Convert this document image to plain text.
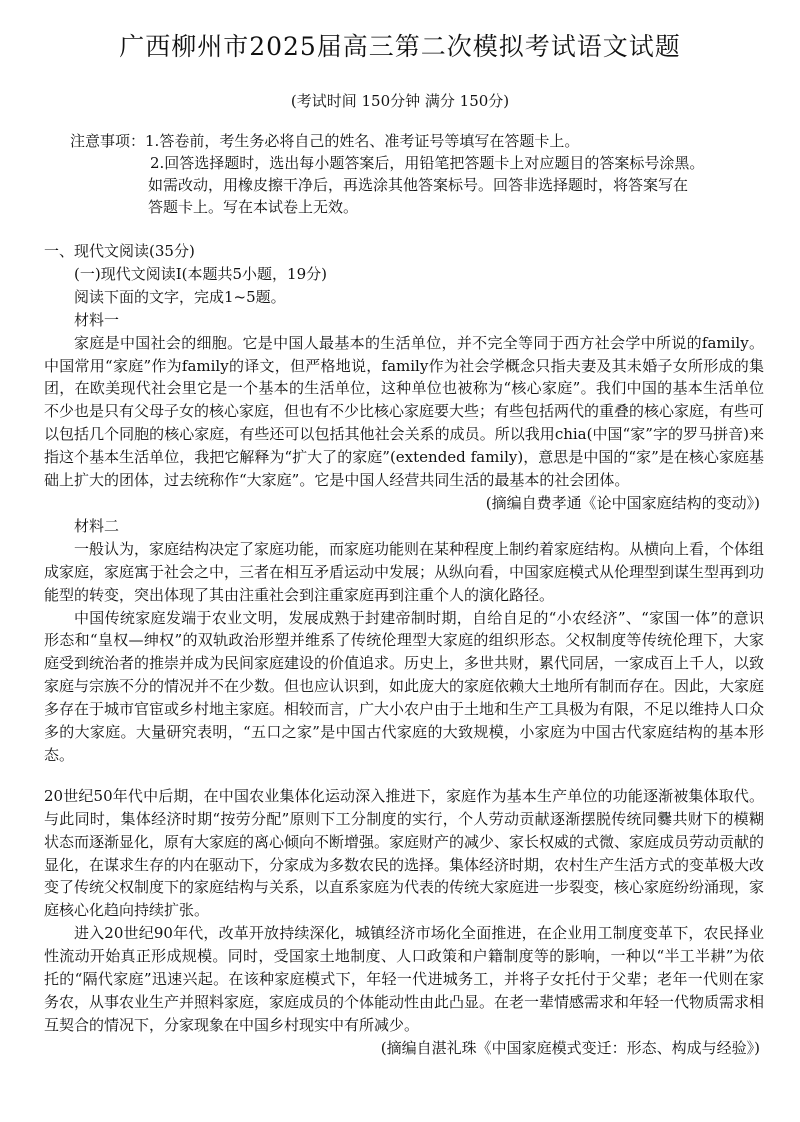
广西柳州市2025届高三第二次模拟考试语文试题
(考试时间 150分钟 满分 150分)
注意事项：1.答卷前，考生务必将自己的姓名、准考证号等填写在答题卡上。
2.回答选择题时，选出每小题答案后，用铅笔把答题卡上对应题目的答案标号涂黑。
如需改动，用橡皮擦干净后，再选涂其他答案标号。回答非选择题时，将答案写在
答题卡上。写在本试卷上无效。

一、现代文阅读(35分)

(一)现代文阅读Ⅰ(本题共5小题，19分)

阅读下面的文字，完成1~5题。

材料一

家庭是中国社会的细胞。它是中国人最基本的生活单位，并不完全等同于西方社会学中所说的family。中国常用“家庭”作为family的译文，但严格地说，family作为社会学概念只指夫妻及其未婚子女所形成的集团，在欧美现代社会里它是一个基本的生活单位，这种单位也被称为“核心家庭”。我们中国的基本生活单位不少也是只有父母子女的核心家庭，但也有不少比核心家庭要大些；有些包括两代的重叠的核心家庭，有些可以包括几个同胞的核心家庭，有些还可以包括其他社会关系的成员。所以我用chia(中国“家”字的罗马拼音)来指这个基本生活单位，我把它解释为“扩大了的家庭”(extended family)，意思是中国的“家”是在核心家庭基础上扩大的团体，过去统称作“大家庭”。它是中国人经营共同生活的最基本的社会团体。

(摘编自费孝通《论中国家庭结构的变动》)

材料二

一般认为，家庭结构决定了家庭功能，而家庭功能则在某种程度上制约着家庭结构。从横向上看，个体组成家庭，家庭寓于社会之中，三者在相互矛盾运动中发展；从纵向看，中国家庭模式从伦理型到谋生型再到功能型的转变，突出体现了其由注重社会到注重家庭再到注重个人的演化路径。

中国传统家庭发端于农业文明，发展成熟于封建帝制时期，自给自足的“小农经济”、“家国一体”的意识形态和“皇权—绅权”的双轨政治形塑并维系了传统伦理型大家庭的组织形态。父权制度等传统伦理下，大家庭受到统治者的推崇并成为民间家庭建设的价值追求。历史上，多世共财，累代同居，一家成百上千人，以致家庭与宗族不分的情况并不在少数。但也应认识到，如此庞大的家庭依赖大土地所有制而存在。因此，大家庭多存在于城市官宦或乡村地主家庭。相较而言，广大小农户由于土地和生产工具极为有限，不足以维持人口众多的大家庭。大量研究表明，“五口之家”是中国古代家庭的大致规模，小家庭为中国古代家庭结构的基本形态。

20世纪50年代中后期，在中国农业集体化运动深入推进下，家庭作为基本生产单位的功能逐渐被集体取代。与此同时，集体经济时期“按劳分配”原则下工分制度的实行，个人劳动贡献逐渐摆脱传统同爨共财下的模糊状态而逐渐显化，原有大家庭的离心倾向不断增强。家庭财产的减少、家长权威的式微、家庭成员劳动贡献的显化，在谋求生存的内在驱动下，分家成为多数农民的选择。集体经济时期，农村生产生活方式的变革极大改变了传统父权制度下的家庭结构与关系，以直系家庭为代表的传统大家庭进一步裂变，核心家庭纷纷涌现，家庭核心化趋向持续扩张。

进入20世纪90年代，改革开放持续深化，城镇经济市场化全面推进，在企业用工制度变革下，农民择业性流动开始真正形成规模。同时，受国家土地制度、人口政策和户籍制度等的影响，一种以“半工半耕”为依托的“隔代家庭”迅速兴起。在该种家庭模式下，年轻一代进城务工，并将子女托付于父辈；老年一代则在家务农，从事农业生产并照料家庭，家庭成员的个体能动性由此凸显。在老一辈情感需求和年轻一代物质需求相互契合的情况下，分家现象在中国乡村现实中有所减少。

(摘编自湛礼珠《中国家庭模式变迁：形态、构成与经验》)
